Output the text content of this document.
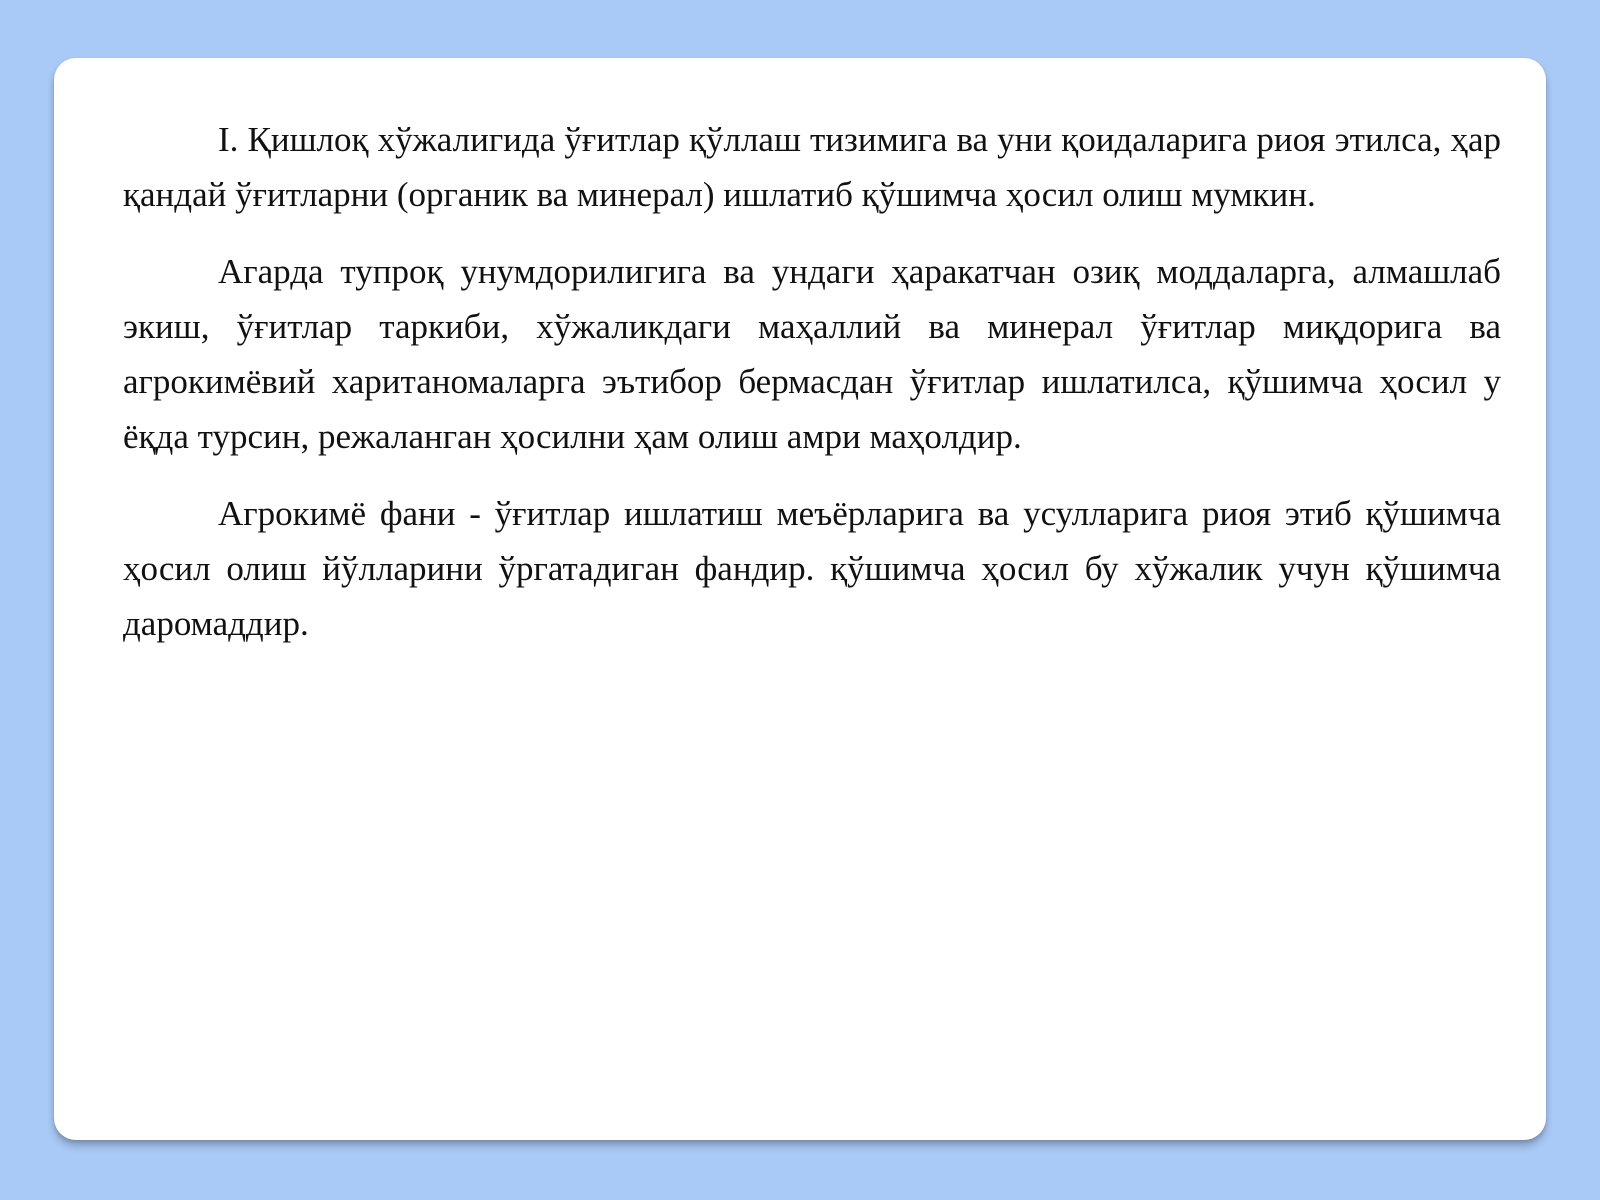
I. Қишлоқ хўжалигида ўғитлар қўллаш тизимига ва уни қоидаларига риоя этилса, ҳар қандай ўғитларни (органик ва минерал) ишлатиб қўшимча ҳосил олиш мумкин.

Агарда тупроқ унумдорилигига ва ундаги ҳаракатчан озиқ моддаларга, алмашлаб экиш, ўғитлар таркиби, хўжаликдаги маҳаллий ва минерал ўғитлар миқдорига ва агрокимёвий хаританомаларга эътибор бермасдан ўғитлар ишлатилса, қўшимча ҳосил у ёқда турсин, режаланган ҳосилни ҳам олиш амри маҳолдир.

Агрокимё фани - ўғитлар ишлатиш меъёрларига ва усулларига риоя этиб қўшимча ҳосил олиш йўлларини ўргатадиган фандир. қўшимча ҳосил бу хўжалик учун қўшимча даромаддир.
